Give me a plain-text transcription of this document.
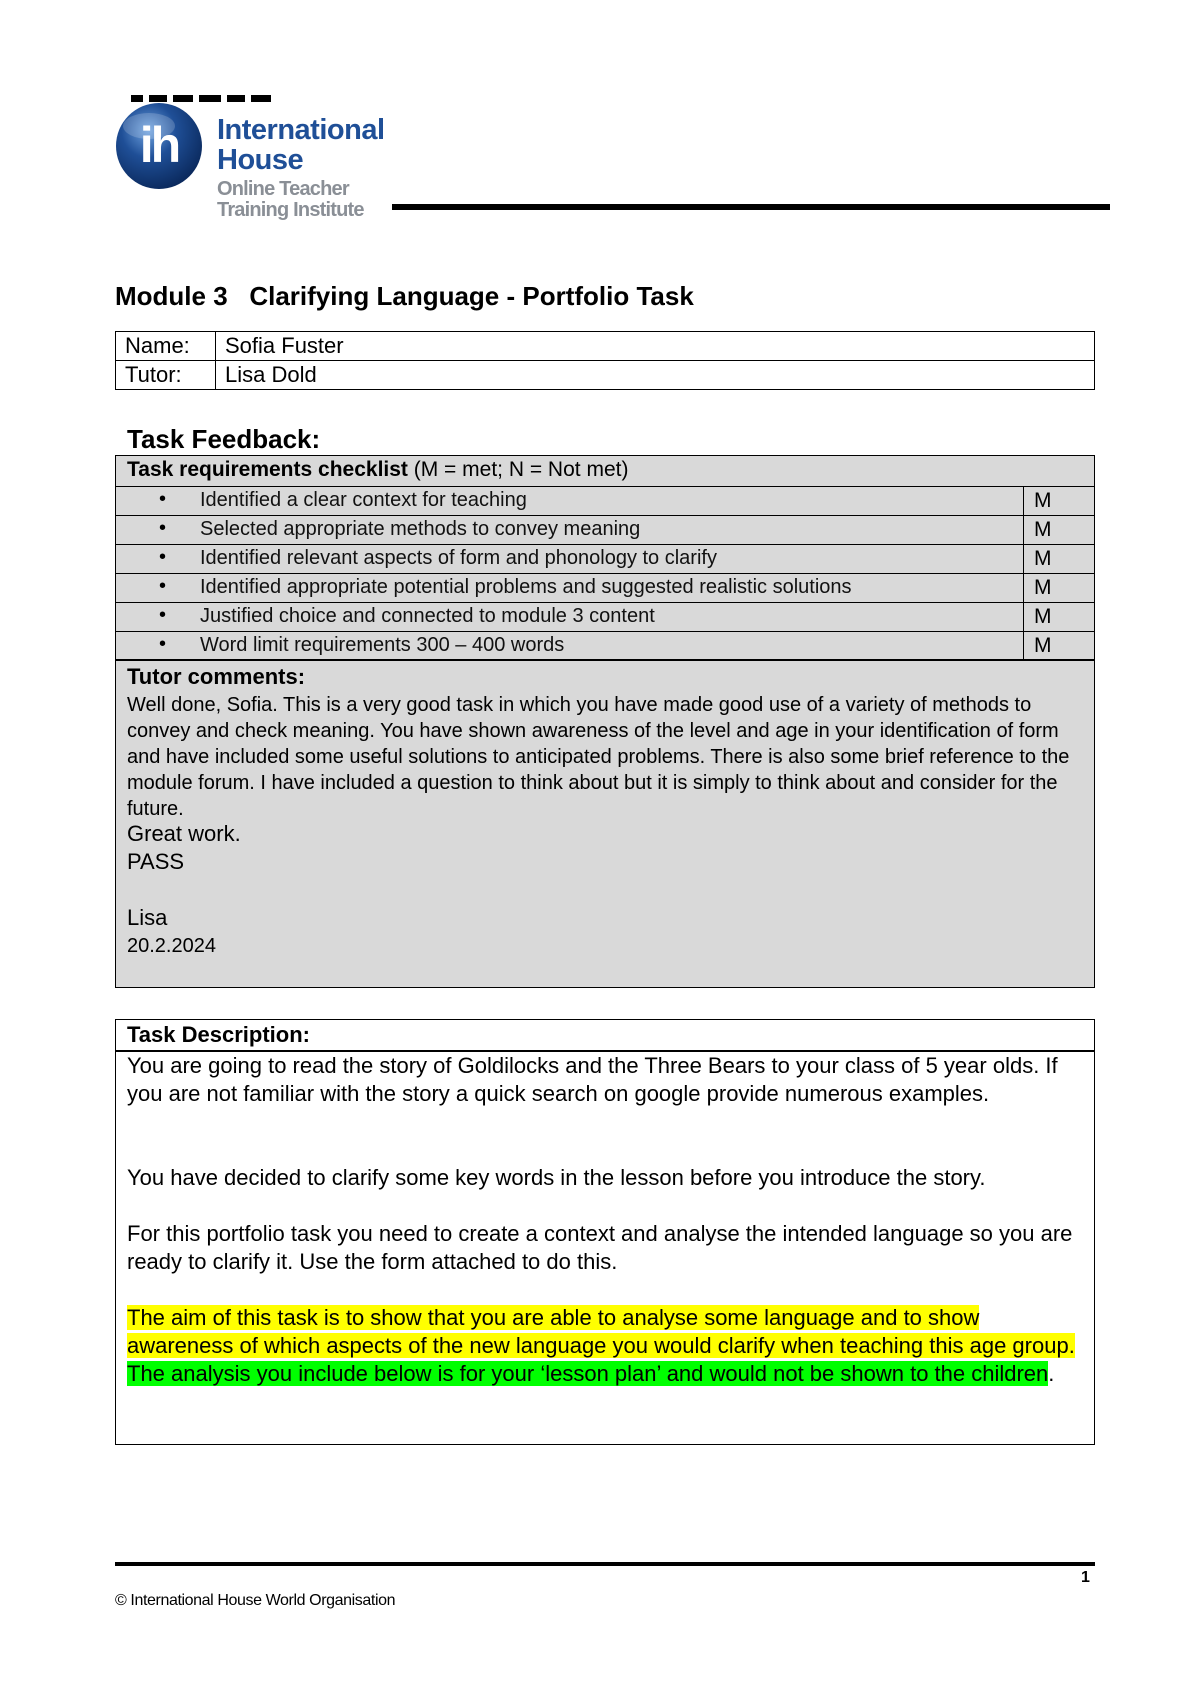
ih International
House
Online Teacher
Training Institute
Module 3   Clarifying Language - Portfolio Task
Name:	Sofia Fuster
Tutor:	Lisa Dold
Task Feedback:
Task requirements checklist (M = met; N = Not met)
• Identified a clear context for teaching	M
• Selected appropriate methods to convey meaning	M
• Identified relevant aspects of form and phonology to clarify	M
• Identified appropriate potential problems and suggested realistic solutions	M
• Justified choice and connected to module 3 content	M
• Word limit requirements 300 – 400 words	M
Tutor comments:
Well done, Sofia. This is a very good task in which you have made good use of a variety of methods to convey and check meaning. You have shown awareness of the level and age in your identification of form and have included some useful solutions to anticipated problems. There is also some brief reference to the module forum. I have included a question to think about but it is simply to think about and consider for the future.
Great work.
PASS
Lisa
20.2.2024
Task Description:
You are going to read the story of Goldilocks and the Three Bears to your class of 5 year olds. If you are not familiar with the story a quick search on google provide numerous examples.
You have decided to clarify some key words in the lesson before you introduce the story.
For this portfolio task you need to create a context and analyse the intended language so you are ready to clarify it. Use the form attached to do this.
The aim of this task is to show that you are able to analyse some language and to show awareness of which aspects of the new language you would clarify when teaching this age group. The analysis you include below is for your ‘lesson plan’ and would not be shown to the children.
1
© International House World Organisation
